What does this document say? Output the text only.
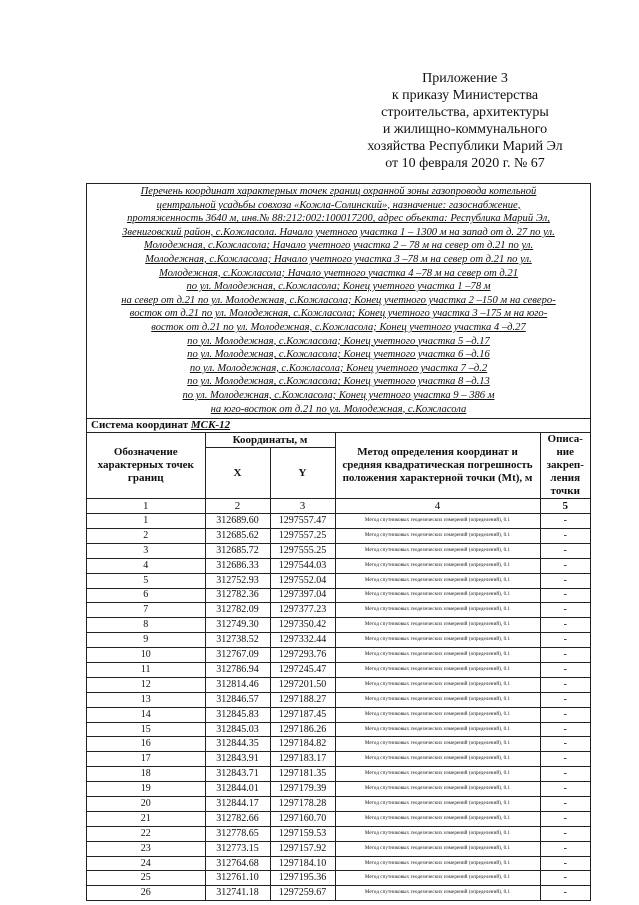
Приложение 3
к приказу Министерства
строительства, архитектуры
и жилищно-коммунального
хозяйства Республики Марий Эл
от 10 февраля 2020 г. № 67
Перечень координат характерных точек границ охранной зоны газопровода котельной
центральной усадьбы совхоза «Кожла-Солинский», назначение: газоснабжение,
протяженность 3640 м, инв.№ 88:212:002:100017200, адрес объекта: Республика Марий Эл,
Звениговский район, с.Кожласола. Начало учетного участка 1 – 1300 м на запад от д. 27 по ул.
Молодежная, с.Кожласола; Начало учетного участка 2 – 78 м на север от д.21 по ул.
Молодежная, с.Кожласола; Начало учетного участка 3 –78 м на север от д.21 по ул.
Молодежная, с.Кожласола; Начало учетного участка 4 –78 м на север от д.21
по ул. Молодежная, с.Кожласола; Конец учетного участка 1 –78 м
на север от д.21 по ул. Молодежная, с.Кожласола; Конец учетного участка 2 –150 м на северо-
восток от д.21 по ул. Молодежная, с.Кожласола; Конец учетного участка 3 –175 м на юго-
восток от д.21 по ул. Молодежная, с.Кожласола; Конец учетного участка 4 –д.27
по ул. Молодежная, с.Кожласола; Конец учетного участка 5 –д.17
по ул. Молодежная, с.Кожласола; Конец учетного участка 6 –д.16
по ул. Молодежная, с.Кожласола; Конец учетного участка 7 –д.2
по ул. Молодежная, с.Кожласола; Конец учетного участка 8 –д.13
по ул. Молодежная, с.Кожласола; Конец учетного участка 9 – 386 м
на юго-восток от д.21 по ул. Молодежная, с.Кожласола
Система координат МСК-12
Обозначение характерных точек границ	Координаты, м		Метод определения координат и средняя квадратическая погрешность положения характерной точки (Mt), м	Описа-ние закреп-ления точки
	X	Y		
1	2	3	4	5
1	312689.60	1297557.47	Метод спутниковых геодезических измерений (определений), 0.1	-
2	312685.62	1297557.25	Метод спутниковых геодезических измерений (определений), 0.1	-
3	312685.72	1297555.25	Метод спутниковых геодезических измерений (определений), 0.1	-
4	312686.33	1297544.03	Метод спутниковых геодезических измерений (определений), 0.1	-
5	312752.93	1297552.04	Метод спутниковых геодезических измерений (определений), 0.1	-
6	312782.36	1297397.04	Метод спутниковых геодезических измерений (определений), 0.1	-
7	312782.09	1297377.23	Метод спутниковых геодезических измерений (определений), 0.1	-
8	312749.30	1297350.42	Метод спутниковых геодезических измерений (определений), 0.1	-
9	312738.52	1297332.44	Метод спутниковых геодезических измерений (определений), 0.1	-
10	312767.09	1297293.76	Метод спутниковых геодезических измерений (определений), 0.1	-
11	312786.94	1297245.47	Метод спутниковых геодезических измерений (определений), 0.1	-
12	312814.46	1297201.50	Метод спутниковых геодезических измерений (определений), 0.1	-
13	312846.57	1297188.27	Метод спутниковых геодезических измерений (определений), 0.1	-
14	312845.83	1297187.45	Метод спутниковых геодезических измерений (определений), 0.1	-
15	312845.03	1297186.26	Метод спутниковых геодезических измерений (определений), 0.1	-
16	312844.35	1297184.82	Метод спутниковых геодезических измерений (определений), 0.1	-
17	312843.91	1297183.17	Метод спутниковых геодезических измерений (определений), 0.1	-
18	312843.71	1297181.35	Метод спутниковых геодезических измерений (определений), 0.1	-
19	312844.01	1297179.39	Метод спутниковых геодезических измерений (определений), 0.1	-
20	312844.17	1297178.28	Метод спутниковых геодезических измерений (определений), 0.1	-
21	312782.66	1297160.70	Метод спутниковых геодезических измерений (определений), 0.1	-
22	312778.65	1297159.53	Метод спутниковых геодезических измерений (определений), 0.1	-
23	312773.15	1297157.92	Метод спутниковых геодезических измерений (определений), 0.1	-
24	312764.68	1297184.10	Метод спутниковых геодезических измерений (определений), 0.1	-
25	312761.10	1297195.36	Метод спутниковых геодезических измерений (определений), 0.1	-
26	312741.18	1297259.67	Метод спутниковых геодезических измерений (определений), 0.1	-
